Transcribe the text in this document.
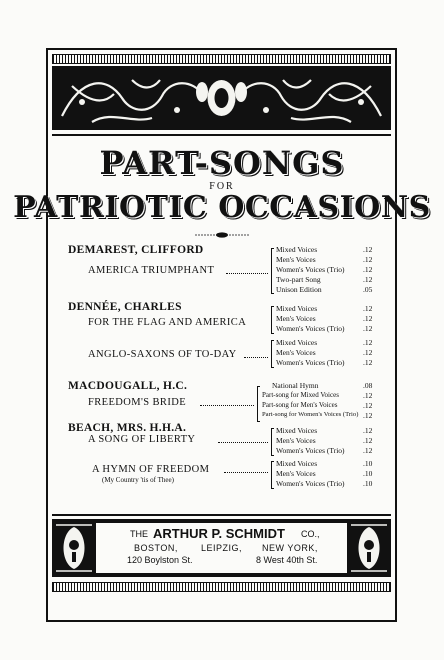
PART-SONGS
FOR
PATRIOTIC OCCASIONS
DEMAREST, CLIFFORD
AMERICA TRIUMPHANT
Mixed Voices	.12
Men's Voices	.12
Women's Voices (Trio) .12
Two-part Song	.12
Unison Edition	.05
DENNÉE, CHARLES
FOR THE FLAG AND AMERICA
Mixed Voices	.12
Men's Voices	.12
Women's Voices (Trio) .12
ANGLO-SAXONS OF TO-DAY
Mixed Voices	.12
Men's Voices	.12
Women's Voices (Trio) .12
MACDOUGALL, H.C.
FREEDOM'S BRIDE
National Hymn	.08
Part-song for Mixed Voices	.12
Part-song for Men's Voices	.12
Part-song for Women's Voices (Trio) .12
BEACH, MRS. H.H.A.
A SONG OF LIBERTY
Mixed Voices	.12
Men's Voices	.12
Women's Voices (Trio) .12
A HYMN OF FREEDOM
(My Country 'tis of Thee)
Mixed Voices	.10
Men's Voices	.10
Women's Voices (Trio) .10
THE ARTHUR P. SCHMIDT CO.,
BOSTON,	LEIPZIG, NEW YORK,
120 Boylston St.	8 West 40th St.
